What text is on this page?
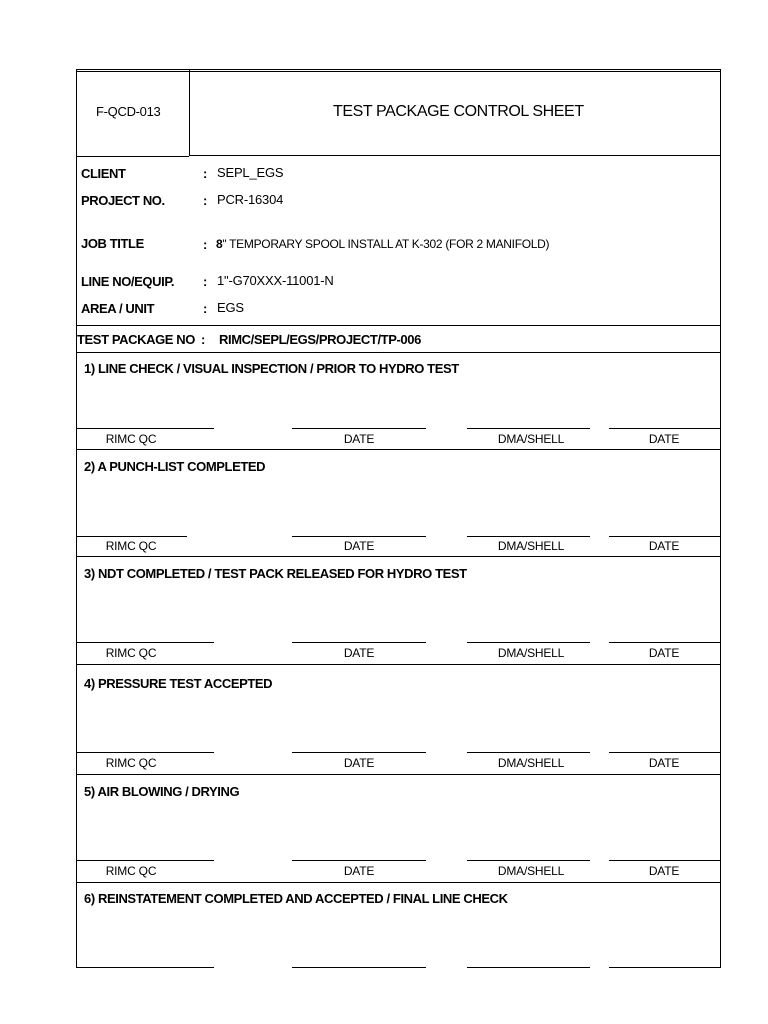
F-QCD-013	TEST PACKAGE CONTROL SHEET
CLIENT	: SEPL_EGS
PROJECT NO.	: PCR-16304
JOB TITLE	: 8" TEMPORARY SPOOL INSTALL AT K-302 (FOR 2 MANIFOLD)
LINE NO/EQUIP. : 1"-G70XXX-11001-N
AREA / UNIT	: EGS
TEST PACKAGE NO : RIMC/SEPL/EGS/PROJECT/TP-006
1) LINE CHECK / VISUAL INSPECTION / PRIOR TO HYDRO TEST
RIMC QC	DATE	DMA/SHELL	DATE
2) A PUNCH-LIST COMPLETED
RIMC QC	DATE	DMA/SHELL	DATE
3) NDT COMPLETED / TEST PACK RELEASED FOR HYDRO TEST
RIMC QC	DATE	DMA/SHELL	DATE
4) PRESSURE TEST ACCEPTED
RIMC QC	DATE	DMA/SHELL	DATE
5) AIR BLOWING / DRYING
RIMC QC	DATE	DMA/SHELL	DATE
6) REINSTATEMENT COMPLETED AND ACCEPTED / FINAL LINE CHECK
